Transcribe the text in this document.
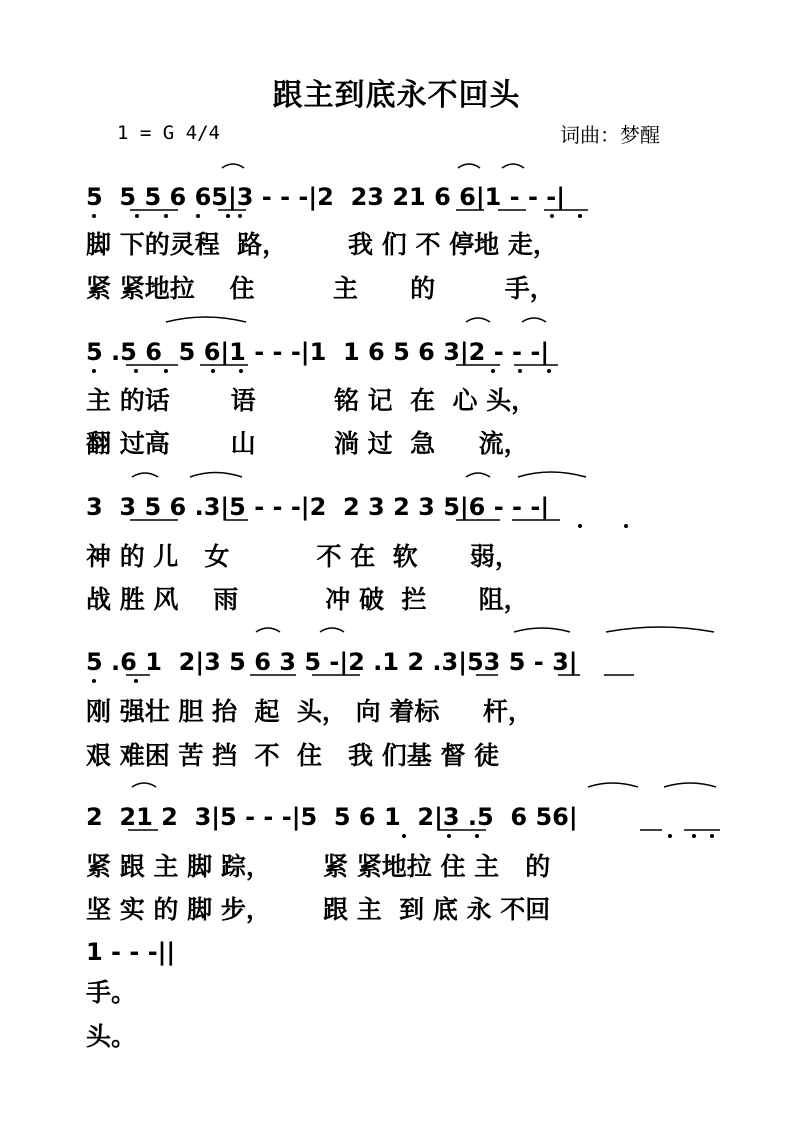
跟主到底永不回头
1 = G 4/4	词曲：梦醒
5  5 5 6 65|3 - - -|2  23 21 6 6|1 - - -|
脚 下的灵程  路，       我 们 不 停地 走，
紧 紧地拉    住         主      的        手，
5 .5 6  5 6|1 - - -|1  1 6 5 6 3|2 - - -|
主 的话       语         铭 记  在  心 头，
翻 过高       山         淌 过  急     流，
3  3 5 6 .3|5 - - -|2  2 3 2 3 5|6 - - -|
神 的 儿   女          不 在  软      弱，
战 胜 风    雨          冲 破  拦      阻，
5 .6 1  2|3 5 6 3 5 -|2 .1 2 .3|53 5 - 3|
刚 强壮 胆 抬  起  头， 向 着标     杆，
艰 难困 苦 挡  不  住   我 们基 督 徒
2  21 2  3|5 - - -|5  5 6 1  2|3 .5  6 56|
紧 跟 主 脚 踪，      紧 紧地拉 住 主   的
坚 实 的 脚 步，      跟 主  到 底 永 不回
1 - - -||
手。
头。
